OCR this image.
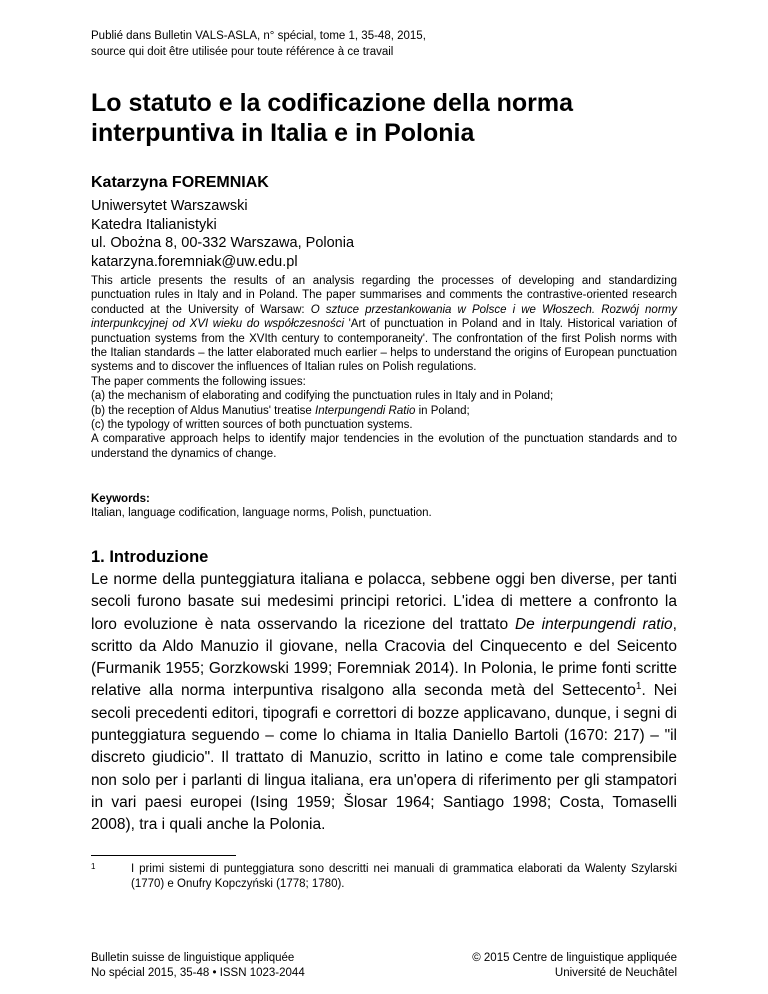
Publié dans Bulletin VALS-ASLA, n° spécial, tome 1, 35-48, 2015,
source qui doit être utilisée pour toute référence à ce travail
Lo statuto e la codificazione della norma
interpuntiva in Italia e in Polonia
Katarzyna FOREMNIAK
Uniwersytet Warszawski
Katedra Italianistyki
ul. Obożna 8, 00-332 Warszawa, Polonia
katarzyna.foremniak@uw.edu.pl

This article presents the results of an analysis regarding the processes of developing and standardizing punctuation rules in Italy and in Poland. The paper summarises and comments the contrastive-oriented research conducted at the University of Warsaw: O sztuce przestankowania w Polsce i we Włoszech. Rozwój normy interpunkcyjnej od XVI wieku do współczesności 'Art of punctuation in Poland and in Italy. Historical variation of punctuation systems from the XVIth century to contemporaneity'. The confrontation of the first Polish norms with the Italian standards – the latter elaborated much earlier – helps to understand the origins of European punctuation systems and to discover the influences of Italian rules on Polish regulations.

The paper comments the following issues:

(a) the mechanism of elaborating and codifying the punctuation rules in Italy and in Poland;

(b) the reception of Aldus Manutius' treatise Interpungendi Ratio in Poland;

(c) the typology of written sources of both punctuation systems.

A comparative approach helps to identify major tendencies in the evolution of the punctuation standards and to understand the dynamics of change.

Keywords:
Italian, language codification, language norms, Polish, punctuation.
1. Introduzione

Le norme della punteggiatura italiana e polacca, sebbene oggi ben diverse, per tanti secoli furono basate sui medesimi principi retorici. L'idea di mettere a confronto la loro evoluzione è nata osservando la ricezione del trattato De interpungendi ratio, scritto da Aldo Manuzio il giovane, nella Cracovia del Cinquecento e del Seicento (Furmanik 1955; Gorzkowski 1999; Foremniak 2014). In Polonia, le prime fonti scritte relative alla norma interpuntiva risalgono alla seconda metà del Settecento$^1$. Nei secoli precedenti editori, tipografi e correttori di bozze applicavano, dunque, i segni di punteggiatura seguendo – come lo chiama in Italia Daniello Bartoli (1670: 217) – "il discreto giudicio". Il trattato di Manuzio, scritto in latino e come tale comprensibile non solo per i parlanti di lingua italiana, era un'opera di riferimento per gli stampatori in vari paesi europei (Ising 1959; Šlosar 1964; Santiago 1998; Costa, Tomaselli 2008), tra i quali anche la Polonia.

1	I primi sistemi di punteggiatura sono descritti nei manuali di grammatica elaborati da Walenty Szylarski (1770) e Onufry Kopczyński (1778; 1780).
Bulletin suisse de linguistique appliquée
No spécial 2015, 35-48 • ISSN 1023-2044
© 2015 Centre de linguistique appliquée
Université de Neuchâtel
